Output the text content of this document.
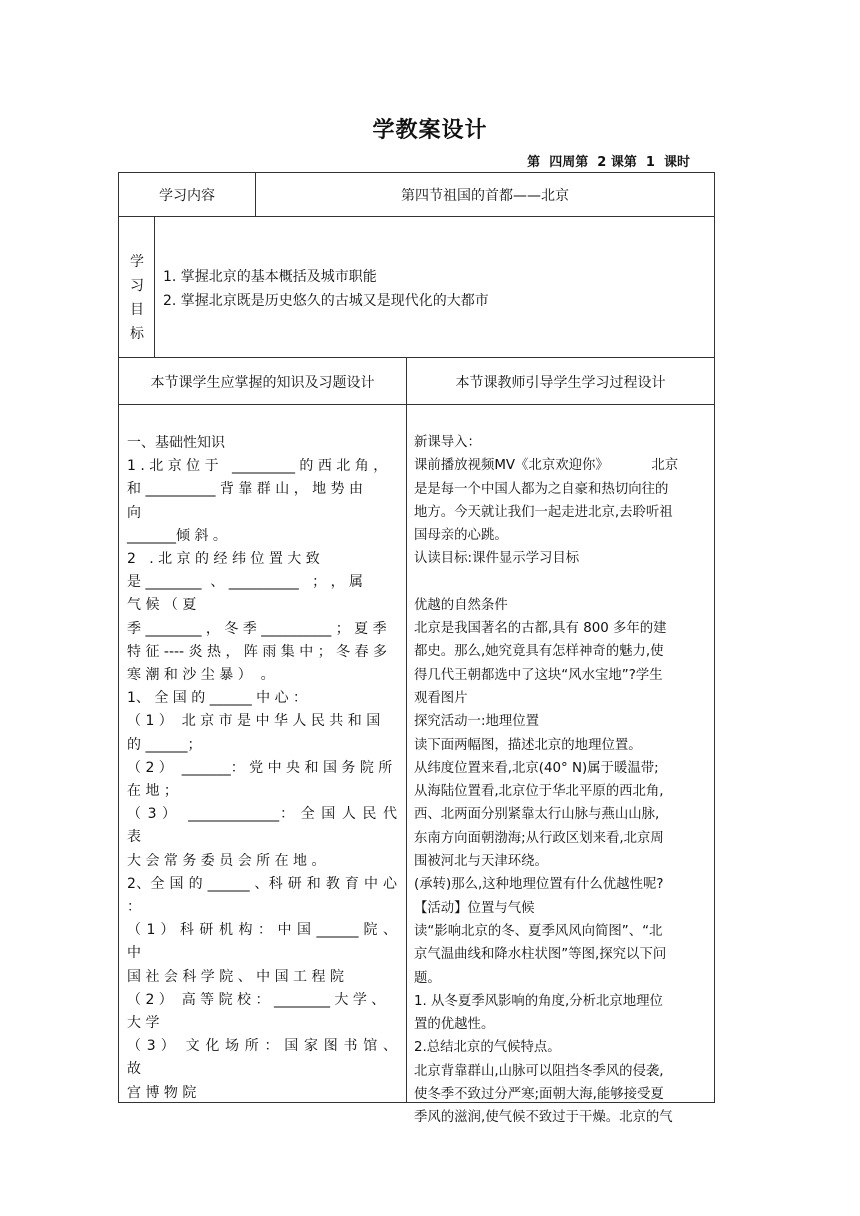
学教案设计
第  四周第  2 课第  1  课时
学习内容	第四节祖国的首都——北京
学
习
目
标
1. 掌握北京的基本概括及城市职能
2. 掌握北京既是历史悠久的古城又是现代化的大都市
本节课学生应掌握的知识及习题设计	本节课教师引导学生学习过程设计
一、基础性知识
1 . 北 京 位 于   _________ 的 西 北 角 ，
和 __________ 背 靠 群 山 ， 地 势 由
向
_______倾 斜 。
2   . 北 京 的 经 纬 位 置 大 致
是 ________  、 __________   ； ， 属
气 候 （ 夏
季 ________ ， 冬 季 __________ ； 夏 季
特 征 ---- 炎 热 ， 阵 雨 集 中 ； 冬 春 多
寒 潮 和 沙 尘 暴 ）  。
1、 全 国 的 ______ 中 心 ：
（ 1 ）  北 京 市 是 中 华 人 民 共 和 国
的 ______；
（ 2 ）  _______： 党 中 央 和 国 务 院 所
在 地 ；
（ 3 ）  _____________： 全 国 人 民 代 表
大 会 常 务 委 员 会 所 在 地 。
2、全 国 的 ______ 、科 研 和 教 育 中 心 ：
（ 1 ） 科 研 机 构 ： 中 国 ______ 院 、 中
国 社 会 科 学 院 、 中 国 工 程 院
（ 2 ）  高 等 院 校 ： ________ 大 学 、
大 学
（ 3 ）  文 化 场 所 ： 国 家 图 书 馆 、 故
宫 博 物 院
新课导入：
课前播放视频MV《北京欢迎你》          北京
是是每一个中国人都为之自豪和热切向往的
地方。今天就让我们一起走进北京,去聆听祖
国母亲的心跳。
认读目标:课件显示学习目标
优越的自然条件
北京是我国著名的古都,具有 800 多年的建
都史。那么,她究竟具有怎样神奇的魅力,使
得几代王朝都选中了这块“风水宝地”?学生
观看图片
探究活动一:地理位置
读下面两幅图，描述北京的地理位置。
从纬度位置来看,北京(40° N)属于暖温带;
从海陆位置看,北京位于华北平原的西北角,
西、北两面分别紧靠太行山脉与燕山山脉,
东南方向面朝渤海;从行政区划来看,北京周
围被河北与天津环绕。
(承转)那么,这种地理位置有什么优越性呢?
【活动】位置与气候
读“影响北京的冬、夏季风风向简图”、“北
京气温曲线和降水柱状图”等图,探究以下问
题。
1. 从冬夏季风影响的角度,分析北京地理位
置的优越性。
2.总结北京的气候特点。
北京背靠群山,山脉可以阻挡冬季风的侵袭,
使冬季不致过分严寒;面朝大海,能够接受夏
季风的滋润,使气候不致过于干燥。北京的气
